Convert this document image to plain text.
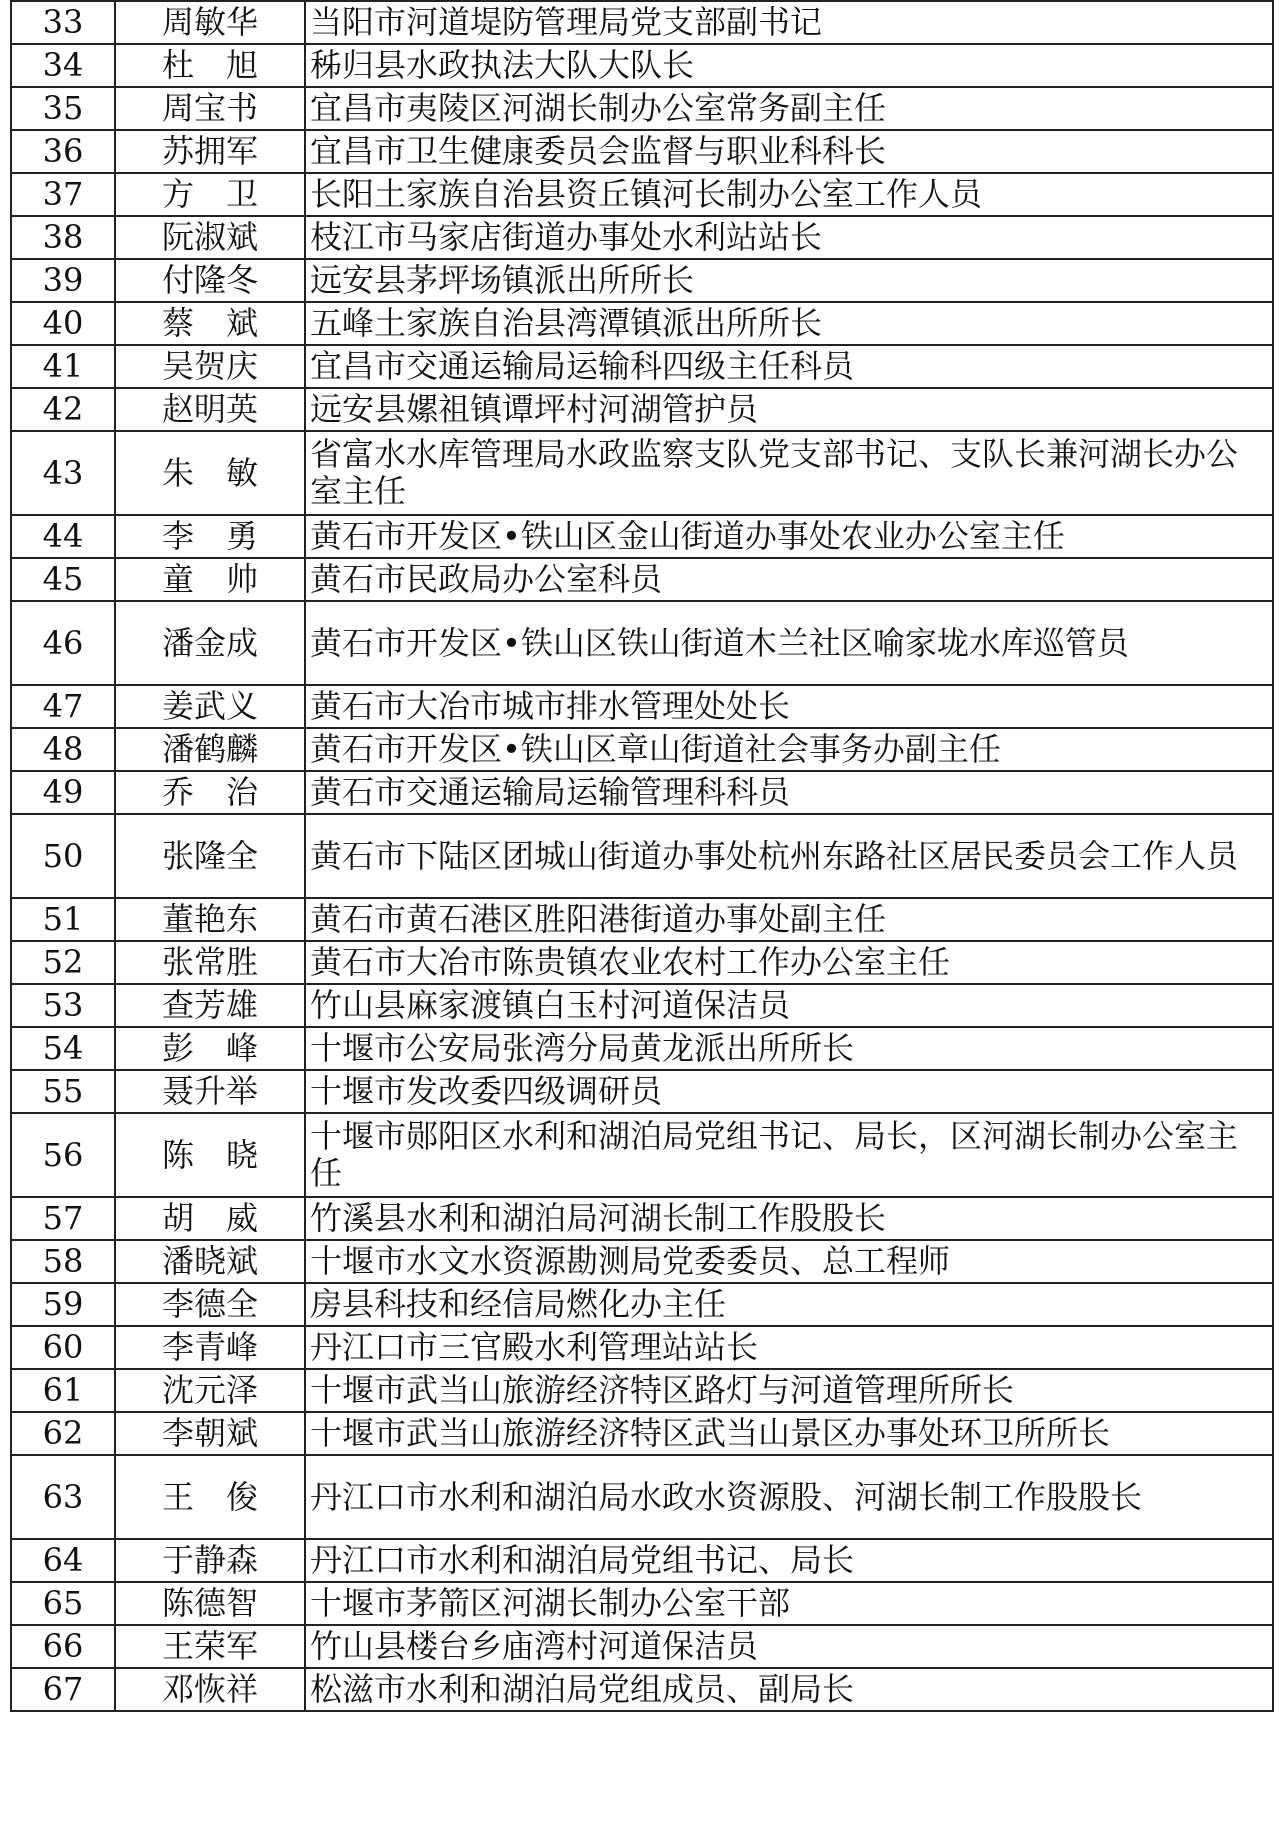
33	周敏华	当阳市河道堤防管理局党支部副书记
34	杜　旭	秭归县水政执法大队大队长
35	周宝书	宜昌市夷陵区河湖长制办公室常务副主任
36	苏拥军	宜昌市卫生健康委员会监督与职业科科长
37	方　卫	长阳土家族自治县资丘镇河长制办公室工作人员
38	阮淑斌	枝江市马家店街道办事处水利站站长
39	付隆冬	远安县茅坪场镇派出所所长
40	蔡　斌	五峰土家族自治县湾潭镇派出所所长
41	吴贺庆	宜昌市交通运输局运输科四级主任科员
42	赵明英	远安县嫘祖镇谭坪村河湖管护员
43	朱　敏	省富水水库管理局水政监察支队党支部书记、支队长兼河湖长办公室主任
44	李　勇	黄石市开发区•铁山区金山街道办事处农业办公室主任
45	童　帅	黄石市民政局办公室科员
46	潘金成	黄石市开发区•铁山区铁山街道木兰社区喻家垅水库巡管员
47	姜武义	黄石市大冶市城市排水管理处处长
48	潘鹤麟	黄石市开发区•铁山区章山街道社会事务办副主任
49	乔　治	黄石市交通运输局运输管理科科员
50	张隆全	黄石市下陆区团城山街道办事处杭州东路社区居民委员会工作人员
51	董艳东	黄石市黄石港区胜阳港街道办事处副主任
52	张常胜	黄石市大冶市陈贵镇农业农村工作办公室主任
53	查芳雄	竹山县麻家渡镇白玉村河道保洁员
54	彭　峰	十堰市公安局张湾分局黄龙派出所所长
55	聂升举	十堰市发改委四级调研员
56	陈　晓	十堰市郧阳区水利和湖泊局党组书记、局长，区河湖长制办公室主任
57	胡　威	竹溪县水利和湖泊局河湖长制工作股股长
58	潘晓斌	十堰市水文水资源勘测局党委委员、总工程师
59	李德全	房县科技和经信局燃化办主任
60	李青峰	丹江口市三官殿水利管理站站长
61	沈元泽	十堰市武当山旅游经济特区路灯与河道管理所所长
62	李朝斌	十堰市武当山旅游经济特区武当山景区办事处环卫所所长
63	王　俊	丹江口市水利和湖泊局水政水资源股、河湖长制工作股股长
64	于静森	丹江口市水利和湖泊局党组书记、局长
65	陈德智	十堰市茅箭区河湖长制办公室干部
66	王荣军	竹山县楼台乡庙湾村河道保洁员
67	邓恢祥	松滋市水利和湖泊局党组成员、副局长
